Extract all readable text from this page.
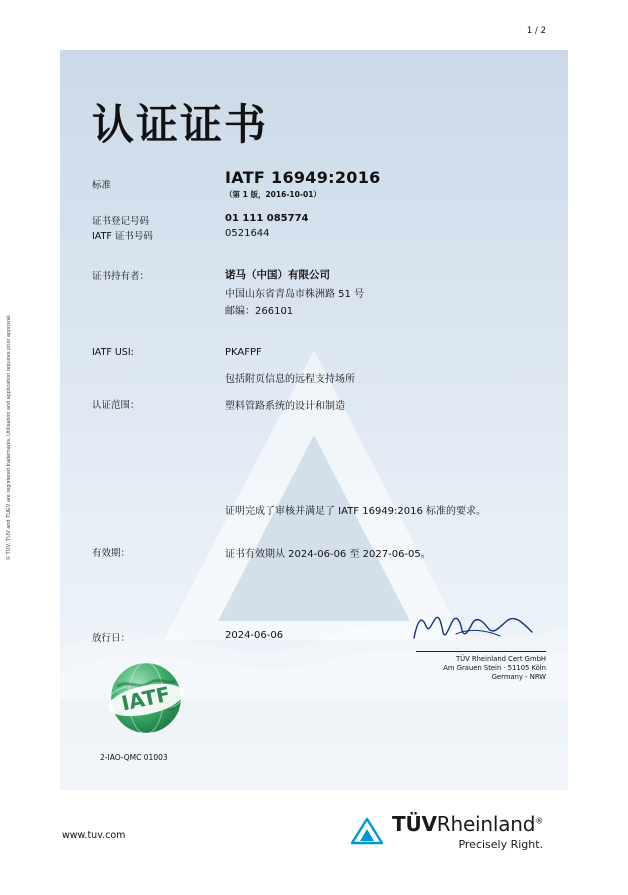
© TÜV, TUV and TUEV are registered trademarks. Utilisation and application requires prior approval.
认证证书
标准	IATF 16949:2016
（第 1 版，2016-10-01）
证书登记号码	01 111 085774
IATF 证书号码	0521644
证书持有者：	诺马（中国）有限公司
中国山东省青岛市株洲路 51 号
邮编：266101
IATF USI:	PKAFPF
包括附页信息的远程支持场所
认证范围：	塑料管路系统的设计和制造
证明完成了审核并满足了 IATF 16949:2016 标准的要求。
有效期：	证书有效期从 2024-06-06 至 2027-06-05。
放行日：	2024-06-06
TÜV Rheinland Cert GmbH
Am Grauen Stein · 51105 Köln
Germany - NRW
IATF
2-IAO-QMC 01003
1 / 2
www.tuv.com	TÜVRheinland®
Precisely Right.
